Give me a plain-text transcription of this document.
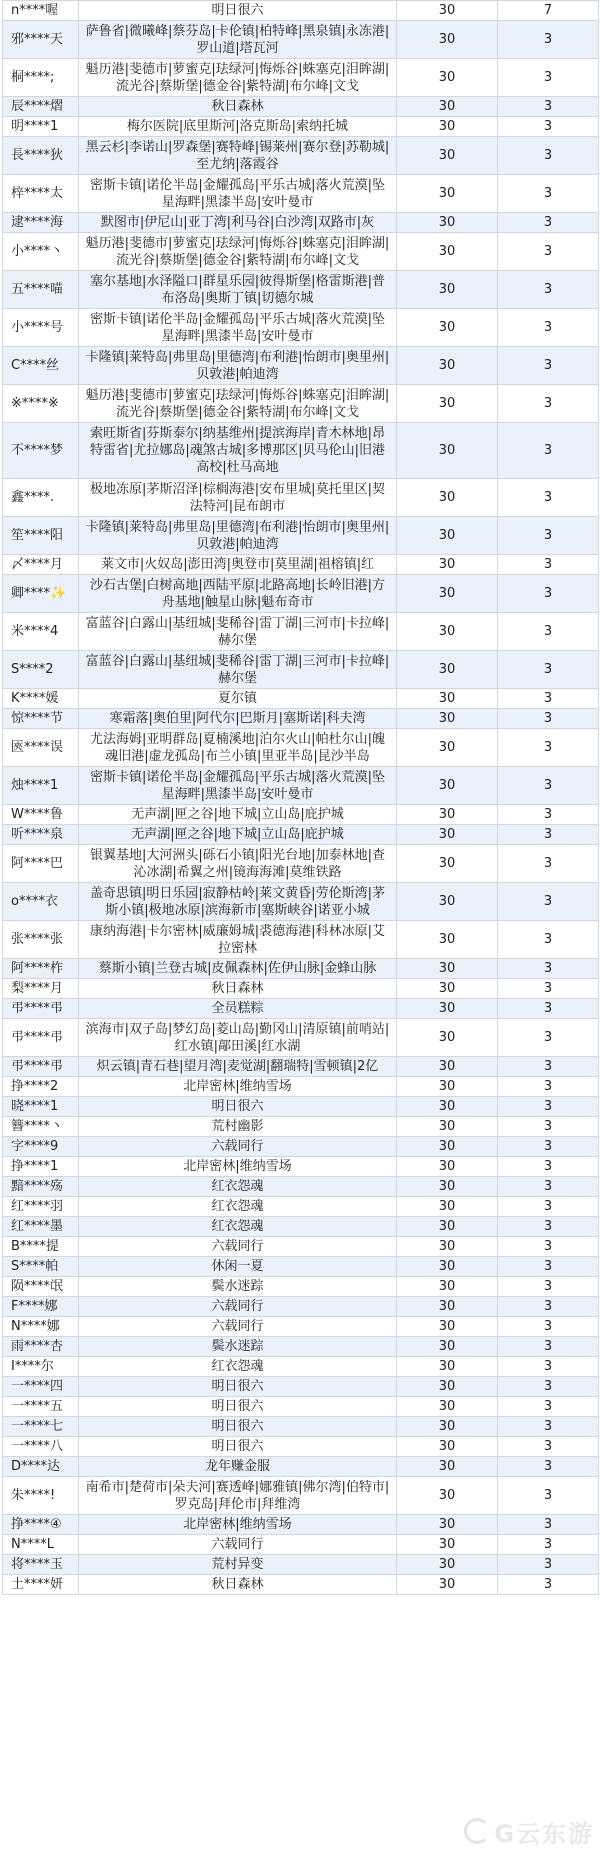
n****喔	明日很六	30	7
邪****天	萨鲁省|微曦峰|蔡芬岛|卡伦镇|柏特峰|黑泉镇|永冻港|罗山道|塔瓦河	30	3
桐****;	魁历港|斐德市|萝蜜克|珐绿河|悔烁谷|蛛塞克|泪眸湖|流光谷|蔡斯堡|德金谷|紫特湖|布尔峰|文戈	30	3
辰****熠	秋日森林	30	3
明****1	梅尔医院|底里斯河|洛克斯岛|索纳托城	30	3
長****狄	黑云杉|李诺山|罗森堡|赛特峰|锡莱州|赛尔登|苏勒城|至尤纳|落霞谷	30	3
梓****太	密斯卡镇|诺伦半岛|金耀孤岛|平乐古城|落火荒漠|坠星海畔|黑漆半岛|安叶曼市	30	3
逮****海	默图市|伊尼山|亚丁湾|利马谷|白沙湾|双路市|灰	30	3
小****丶	魁历港|斐德市|萝蜜克|珐绿河|悔烁谷|蛛塞克|泪眸湖|流光谷|蔡斯堡|德金谷|紫特湖|布尔峰|文戈	30	3
五****喵	塞尔基地|水泽隘口|群星乐园|彼得斯堡|格雷斯港|普布洛岛|奥斯丁镇|切德尔城	30	3
小****号	密斯卡镇|诺伦半岛|金耀孤岛|平乐古城|落火荒漠|坠星海畔|黑漆半岛|安叶曼市	30	3
C****丝	卡隆镇|莱特岛|弗里岛|里德湾|布利港|怡朗市|奥里州|贝敦港|帕迪湾	30	3
※****※	魁历港|斐德市|萝蜜克|珐绿河|悔烁谷|蛛塞克|泪眸湖|流光谷|蔡斯堡|德金谷|紫特湖|布尔峰|文戈	30	3
不****梦	索旺斯省|芬斯泰尔|纳基维州|提滨海岸|青木林地|昂特雷省|尤拉娜岛|魂煞古城|多博那区|贝马伦山|旧港高校|杜马高地	30	3
鑫****.	极地冻原|茅斯沼泽|棕榈海港|安布里城|莫托里区|契法特河|昆布朗市	30	3
笙****阳	卡隆镇|莱特岛|弗里岛|里德湾|布利港|怡朗市|奥里州|贝敦港|帕迪湾	30	3
〆****月	莱文市|火奴岛|澎田湾|奥登市|莫里湖|祖榕镇|红	30	3
卿****✨	沙石古堡|白树高地|西陆平原|北路高地|长岭旧港|方舟基地|触星山脉|魁布奇市	30	3
米****4	富蓝谷|白露山|基纽城|斐稀谷|雷丁湖|三河市|卡拉峰|赫尔堡	30	3
S****2	富蓝谷|白露山|基纽城|斐稀谷|雷丁湖|三河市|卡拉峰|赫尔堡	30	3
K****媛	夏尔镇	30	3
惊****节	寒霜落|奥伯里|阿代尔|巴斯月|塞斯诺|科夫湾	30	3
匧****误	尤法海姆|亚明群岛|夏楠溪地|泊尔火山|帕杜尔山|魄魂旧港|虚龙孤岛|布兰小镇|里亚半岛|昆沙半岛	30	3
烛****1	密斯卡镇|诺伦半岛|金耀孤岛|平乐古城|落火荒漠|坠星海畔|黑漆半岛|安叶曼市	30	3
W****鲁	无声湖|匣之谷|地下城|立山岛|庇护城	30	3
听****泉	无声湖|匣之谷|地下城|立山岛|庇护城	30	3
阿****巴	银翼基地|大河洲头|砾石小镇|阳光台地|加泰林地|查沁冰湖|希翼之州|镜海海滩|莫维铁路	30	3
o****衣	盖奇思镇|明日乐园|寂静枯岭|莱文黄昏|劳伦斯湾|茅斯小镇|极地冰原|滨海新市|塞斯峡谷|诺亚小城	30	3
张****张	康纳海港|卡尔密林|威廉姆城|裘德海港|科林冰原|艾拉密林	30	3
阿****柞	蔡斯小镇|兰登古城|皮佩森林|佐伊山脉|金蜂山脉	30	3
梨****月	秋日森林	30	3
弔****弔	全员糕粽	30	3
弔****弔	滨海市|双子岛|梦幻岛|菱山岛|勤冈山|清原镇|前哨站|红水镇|鄗田溪|红水湖	30	3
弔****弔	炽云镇|青石巷|望月湾|麦觉湖|翻瑞特|雪顿镇|2亿	30	3
挣****2	北岸密林|维纳雪场	30	3
晓****1	明日很六	30	3
簪****丶	荒村幽影	30	3
字****9	六载同行	30	3
挣****1	北岸密林|维纳雪场	30	3
黯****殇	红衣怨魂	30	3
红****羽	红衣怨魂	30	3
红****墨	红衣怨魂	30	3
B****提	六载同行	30	3
S****帕	休闲一夏	30	3
陨****氓	鬓水迷踪	30	3
F****娜	六载同行	30	3
N****娜	六载同行	30	3
雨****杏	鬓水迷踪	30	3
I****尔	红衣怨魂	30	3
一****四	明日很六	30	3
一****五	明日很六	30	3
一****七	明日很六	30	3
一****八	明日很六	30	3
D****达	龙年赚金服	30	3
朱****!	南希市|楚荷市|朵夫河|赛透峰|娜雅镇|佛尔湾|伯特市|罗克岛|拜伦市|拜维湾	30	3
挣****④	北岸密林|维纳雪场	30	3
N****L	六载同行	30	3
将****玉	荒村异变	30	3
土****妍	秋日森林	30	3
G云东游
